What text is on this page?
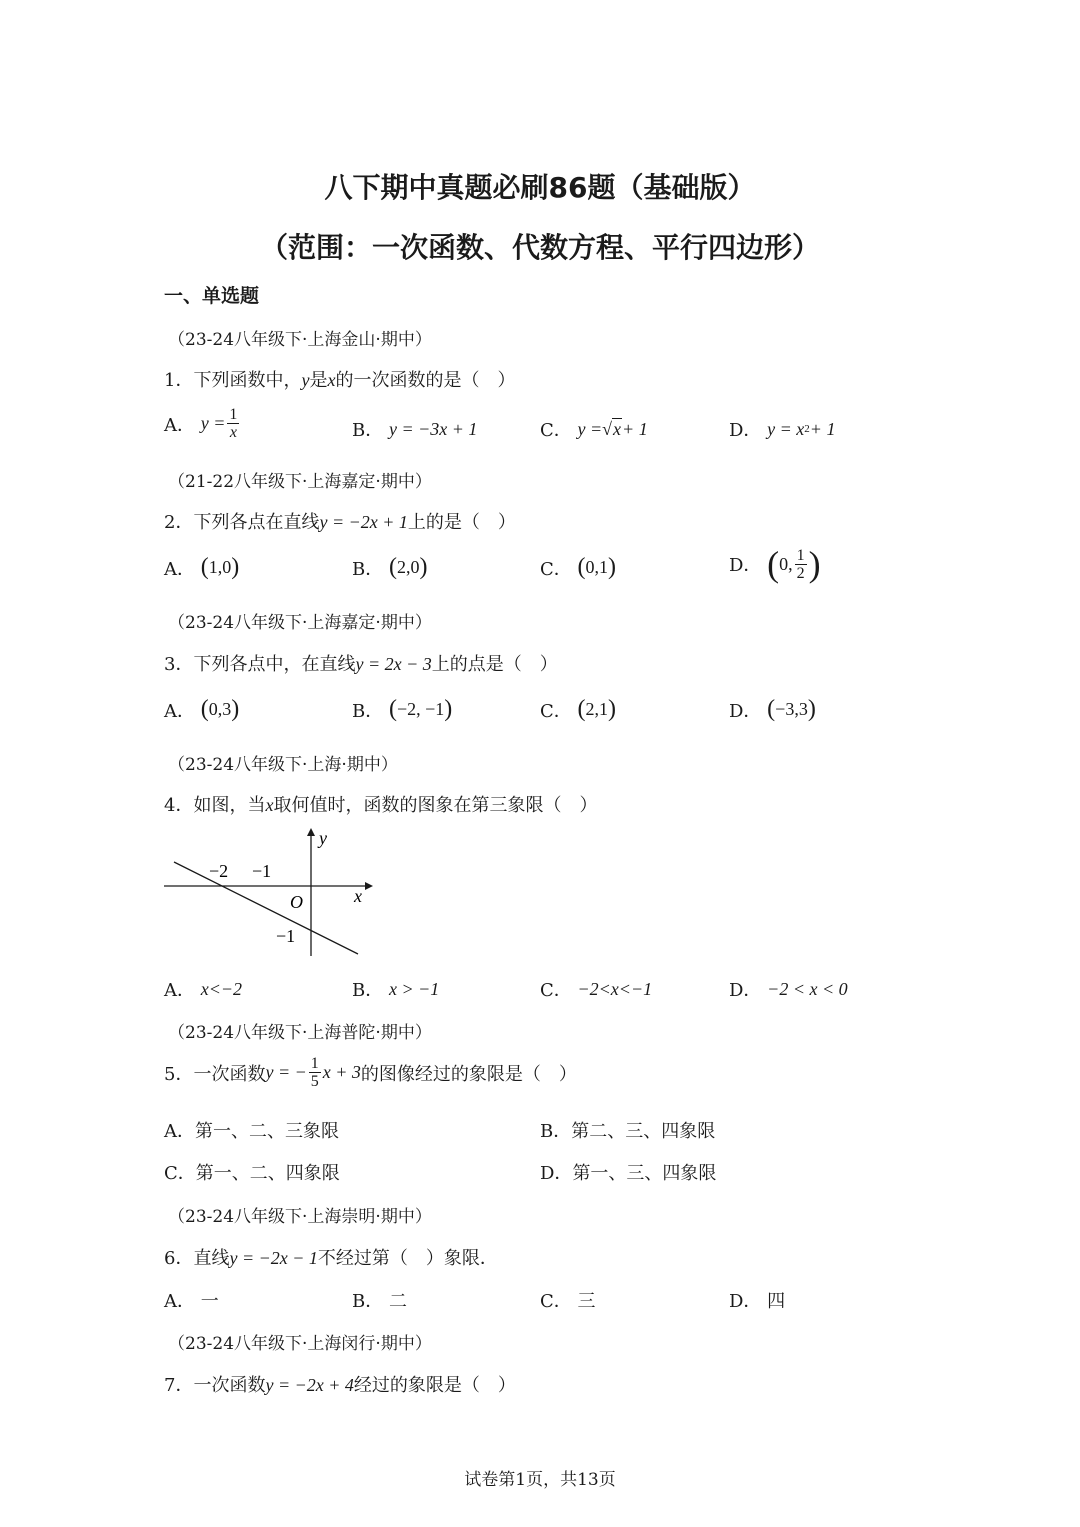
八下期中真题必刷86题（基础版）
（范围：一次函数、代数方程、平行四边形）
一、单选题
（23-24八年级下·上海金山·期中）
1．下列函数中，y是x的一次函数的是（　）
A．
$y = \frac{1}{x}$	B．
y = −3x + 1	C．
y = √ x + 1	D．
y = x 2 + 1
（21-22八年级下·上海嘉定·期中）
2．下列各点在直线y = −2x + 1上的是（　）
A．
( 1,0 )	B．
( 2,0 )	C．
( 0,1 )	D．
( 0, $\frac{1}{2}$ )
（23-24八年级下·上海嘉定·期中）
3．下列各点中，在直线y = 2x − 3上的点是（　）
A．
( 0,3 )	B．
( −2, −1 )	C．
( 2,1 )	D．
( −3,3 )
（23-24八年级下·上海·期中）
4．如图，当x取何值时，函数的图象在第三象限（　）
−2 −1
O	x
y
−1
A．
x<−2	B．
x > −1	C．
−2<x<−1	D．
−2 < x < 0
（23-24八年级下·上海普陀·期中）
5．一次函数 y = − $\frac{1}{5}$ x + 3 的图像经过的象限是（　）
A． 第一、二、三象限	B． 第二、三、四象限
C． 第一、二、四象限	D． 第一、三、四象限
（23-24八年级下·上海崇明·期中）
6．直线y = −2x − 1不经过第（　）象限．
A．
一	B．
二	C．
三	D．
四
（23-24八年级下·上海闵行·期中）
7．一次函数y = −2x + 4经过的象限是（　）
试卷第1页，共13页
